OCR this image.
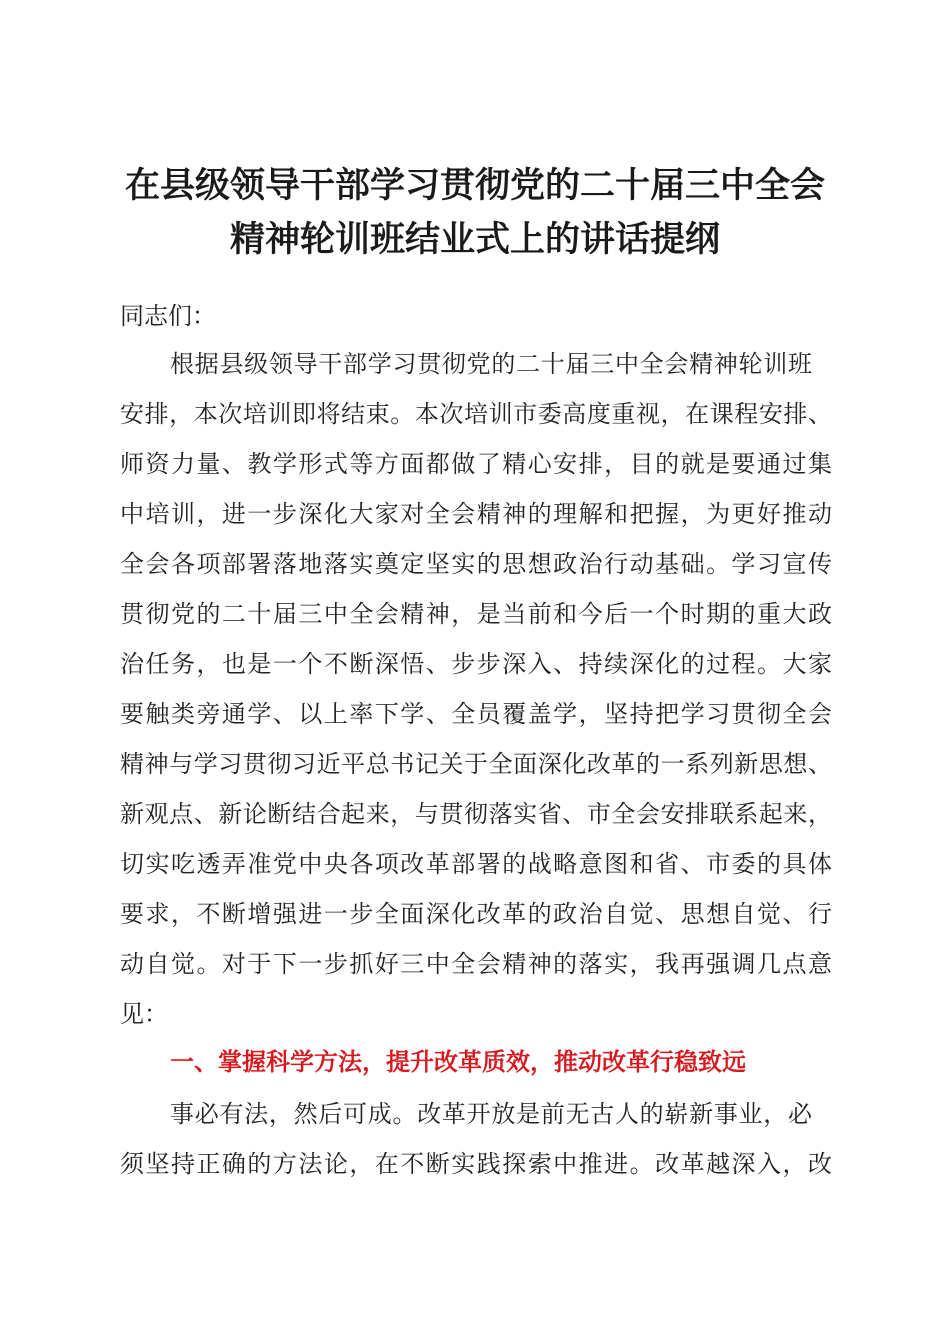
在县级领导干部学习贯彻党的二十届三中全会
精神轮训班结业式上的讲话提纲
同志们：
根据县级领导干部学习贯彻党的二十届三中全会精神轮训班
安排，本次培训即将结束。本次培训市委高度重视，在课程安排、
师资力量、教学形式等方面都做了精心安排，目的就是要通过集
中培训，进一步深化大家对全会精神的理解和把握，为更好推动
全会各项部署落地落实奠定坚实的思想政治行动基础。学习宣传
贯彻党的二十届三中全会精神，是当前和今后一个时期的重大政
治任务，也是一个不断深悟、步步深入、持续深化的过程。大家
要触类旁通学、以上率下学、全员覆盖学，坚持把学习贯彻全会
精神与学习贯彻习近平总书记关于全面深化改革的一系列新思想、
新观点、新论断结合起来，与贯彻落实省、市全会安排联系起来，
切实吃透弄准党中央各项改革部署的战略意图和省、市委的具体
要求，不断增强进一步全面深化改革的政治自觉、思想自觉、行
动自觉。对于下一步抓好三中全会精神的落实，我再强调几点意
见：
一、掌握科学方法，提升改革质效，推动改革行稳致远
事必有法，然后可成。改革开放是前无古人的崭新事业，必
须坚持正确的方法论，在不断实践探索中推进。改革越深入，改
